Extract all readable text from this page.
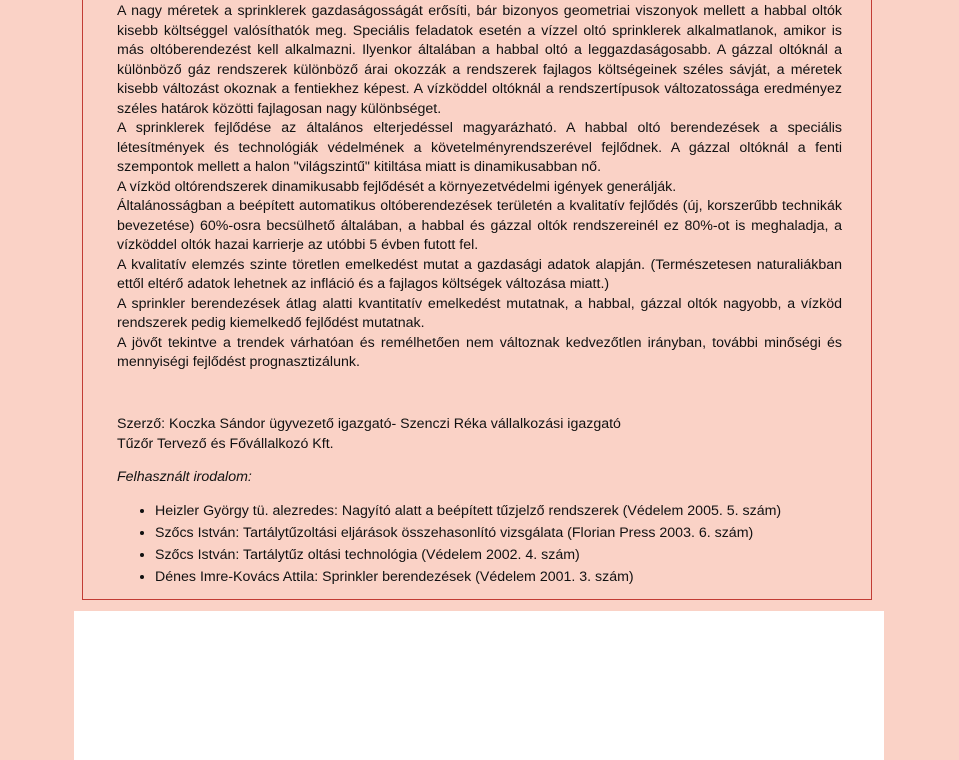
A nagy méretek a sprinklerek gazdaságosságát erősíti, bár bizonyos geometriai viszonyok mellett a habbal oltók kisebb költséggel valósíthatók meg. Speciális feladatok esetén a vízzel oltó sprinklerek alkalmatlanok, amikor is más oltóberendezést kell alkalmazni. Ilyenkor általában a habbal oltó a leggazdaságosabb. A gázzal oltóknál a különböző gáz rendszerek különböző árai okozzák a rendszerek fajlagos költségeinek széles sávját, a méretek kisebb változást okoznak a fentiekhez képest. A vízköddel oltóknál a rendszertípusok változatossága eredményez széles határok közötti fajlagosan nagy különbséget.

A sprinklerek fejlődése az általános elterjedéssel magyarázható. A habbal oltó berendezések a speciális létesítmények és technológiák védelmének a követelményrendszerével fejlődnek. A gázzal oltóknál a fenti szempontok mellett a halon "világszintű" kitiltása miatt is dinamikusabban nő.

A vízköd oltórendszerek dinamikusabb fejlődését a környezetvédelmi igények generálják.

Általánosságban a beépített automatikus oltóberendezések területén a kvalitatív fejlődés (új, korszerűbb technikák bevezetése) 60%-osra becsülhető általában, a habbal és gázzal oltók rendszereinél ez 80%-ot is meghaladja, a vízköddel oltók hazai karrierje az utóbbi 5 évben futott fel.

A kvalitatív elemzés szinte töretlen emelkedést mutat a gazdasági adatok alapján. (Természetesen naturaliákban ettől eltérő adatok lehetnek az infláció és a fajlagos költségek változása miatt.)

A sprinkler berendezések átlag alatti kvantitatív emelkedést mutatnak, a habbal, gázzal oltók nagyobb, a vízköd rendszerek pedig kiemelkedő fejlődést mutatnak.

A jövőt tekintve a trendek várhatóan és remélhetően nem változnak kedvezőtlen irányban, további minőségi és mennyiségi fejlődést prognasztizálunk.

Szerző: Koczka Sándor ügyvezető igazgató- Szenczi Réka vállalkozási igazgató

Tűzőr Tervező és Fővállalkozó Kft.

Felhasznált irodalom:

• Heizler György tü. alezredes: Nagyító alatt a beépített tűzjelző rendszerek (Védelem 2005. 5. szám)
• Szőcs István: Tartálytűzoltási eljárások összehasonlító vizsgálata (Florian Press 2003. 6. szám)
• Szőcs István: Tartálytűz oltási technológia (Védelem 2002. 4. szám)
• Dénes Imre-Kovács Attila: Sprinkler berendezések (Védelem 2001. 3. szám)
